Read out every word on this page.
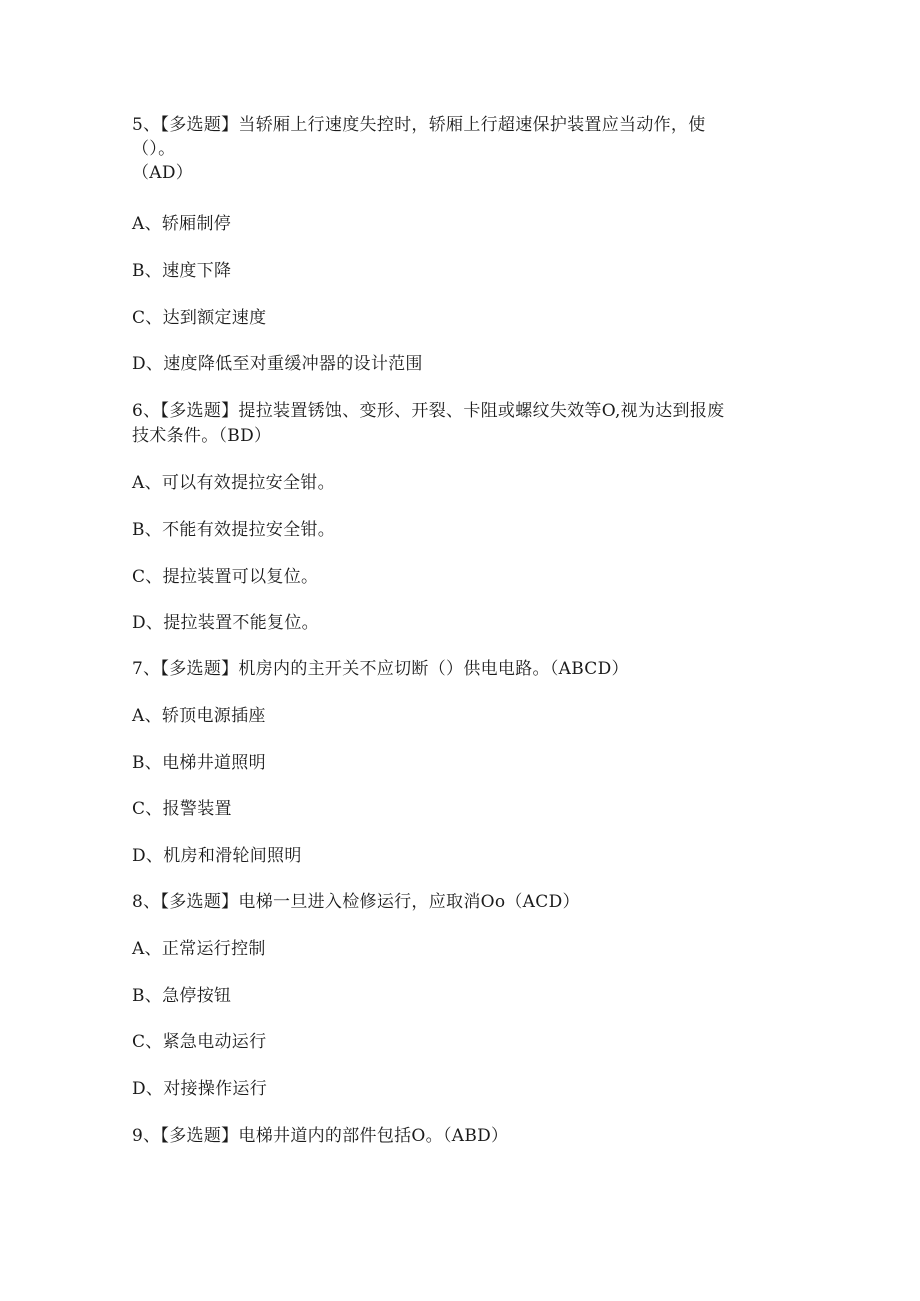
5、【多选题】当轿厢上行速度失控时，轿厢上行超速保护装置应当动作，使
（）。
（AD）
A、轿厢制停
B、速度下降
C、达到额定速度
D、速度降低至对重缓冲器的设计范围
6、【多选题】提拉装置锈蚀、变形、开裂、卡阻或螺纹失效等O,视为达到报废
技术条件。（BD）
A、可以有效提拉安全钳。
B、不能有效提拉安全钳。
C、提拉装置可以复位。
D、提拉装置不能复位。
7、【多选题】机房内的主开关不应切断（）供电电路。（ABCD）
A、轿顶电源插座
B、电梯井道照明
C、报警装置
D、机房和滑轮间照明
8、【多选题】电梯一旦进入检修运行，应取消Oo（ACD）
A、正常运行控制
B、急停按钮
C、紧急电动运行
D、对接操作运行
9、【多选题】电梯井道内的部件包括O。（ABD）
